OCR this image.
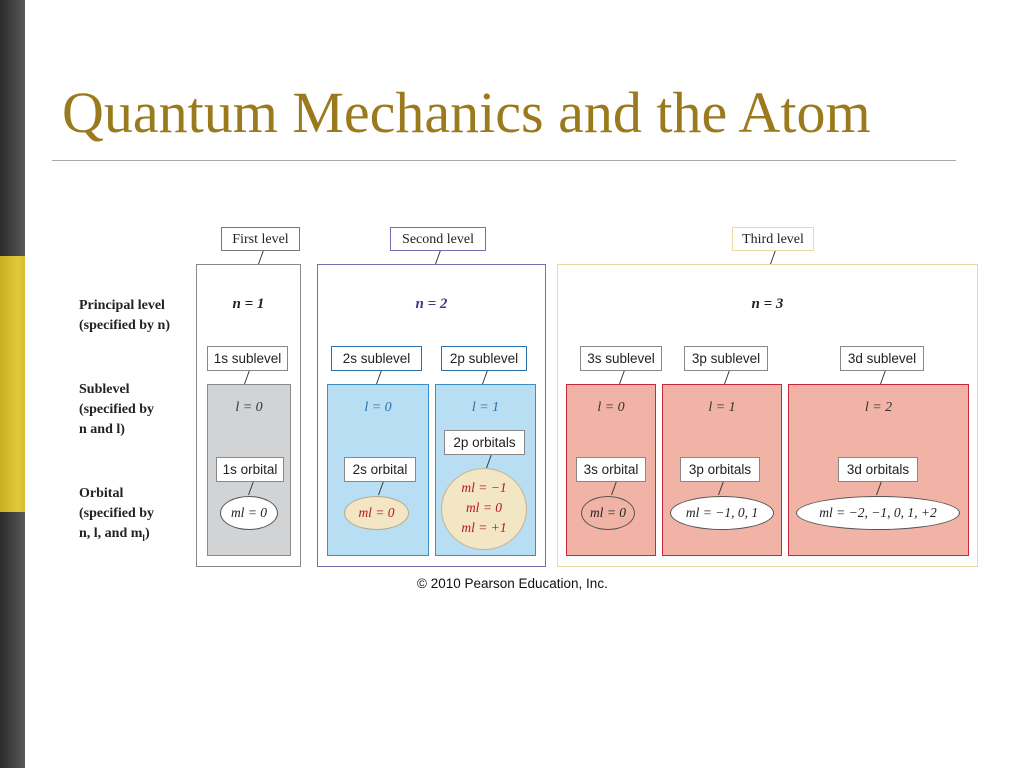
Quantum Mechanics and the Atom
Principal level
(specified by n)
Sublevel
(specified by
n and l)
Orbital
(specified by
n, l, and $m_l$)
First level
n = 1
1s sublevel
l = 0
1s orbital
ml = 0
Second level
n = 2
2s sublevel
l = 0
2s orbital
ml = 0
2p sublevel
l = 1
2p orbitals
ml = −1
ml = 0
ml = +1
Third level
n = 3
3s sublevel
l = 0
3s orbital
ml = 0
3p sublevel
l = 1
3p orbitals
ml = −1, 0, 1
3d sublevel
l = 2
3d orbitals
ml = −2, −1, 0, 1, +2
© 2010 Pearson Education, Inc.
